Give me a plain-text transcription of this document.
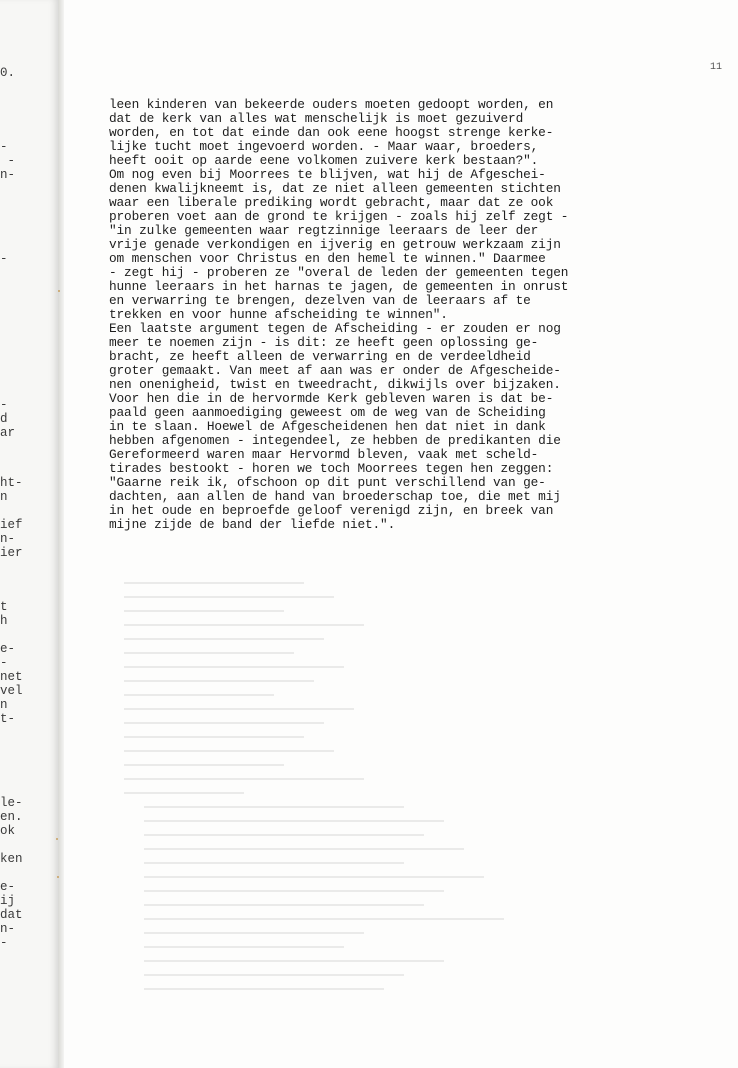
0.
-
-
n-
-
-
d
ar
ht-
n
ief
n-
ier
t
h
e-
-
net
vel
n
t-
le-
en.
ok
ken
e-
ij
dat
n-
-
11
leen kinderen van bekeerde ouders moeten gedoopt worden, en
dat de kerk van alles wat menschelijk is moet gezuiverd
worden, en tot dat einde dan ook eene hoogst strenge kerke-
lijke tucht moet ingevoerd worden. - Maar waar, broeders,
heeft ooit op aarde eene volkomen zuivere kerk bestaan?".
Om nog even bij Moorrees te blijven, wat hij de Afgeschei-
denen kwalijkneemt is, dat ze niet alleen gemeenten stichten
waar een liberale prediking wordt gebracht, maar dat ze ook
proberen voet aan de grond te krijgen - zoals hij zelf zegt -
"in zulke gemeenten waar regtzinnige leeraars de leer der
vrije genade verkondigen en ijverig en getrouw werkzaam zijn
om menschen voor Christus en den hemel te winnen." Daarmee
- zegt hij - proberen ze "overal de leden der gemeenten tegen
hunne leeraars in het harnas te jagen, de gemeenten in onrust
en verwarring te brengen, dezelven van de leeraars af te
trekken en voor hunne afscheiding te winnen".
Een laatste argument tegen de Afscheiding - er zouden er nog
meer te noemen zijn - is dit: ze heeft geen oplossing ge-
bracht, ze heeft alleen de verwarring en de verdeeldheid
groter gemaakt. Van meet af aan was er onder de Afgescheide-
nen onenigheid, twist en tweedracht, dikwijls over bijzaken.
Voor hen die in de hervormde Kerk gebleven waren is dat be-
paald geen aanmoediging geweest om de weg van de Scheiding
in te slaan. Hoewel de Afgescheidenen hen dat niet in dank
hebben afgenomen - integendeel, ze hebben de predikanten die
Gereformeerd waren maar Hervormd bleven, vaak met scheld-
tirades bestookt - horen we toch Moorrees tegen hen zeggen:
"Gaarne reik ik, ofschoon op dit punt verschillend van ge-
dachten, aan allen de hand van broederschap toe, die met mij
in het oude en beproefde geloof verenigd zijn, en breek van
mijne zijde de band der liefde niet.".
